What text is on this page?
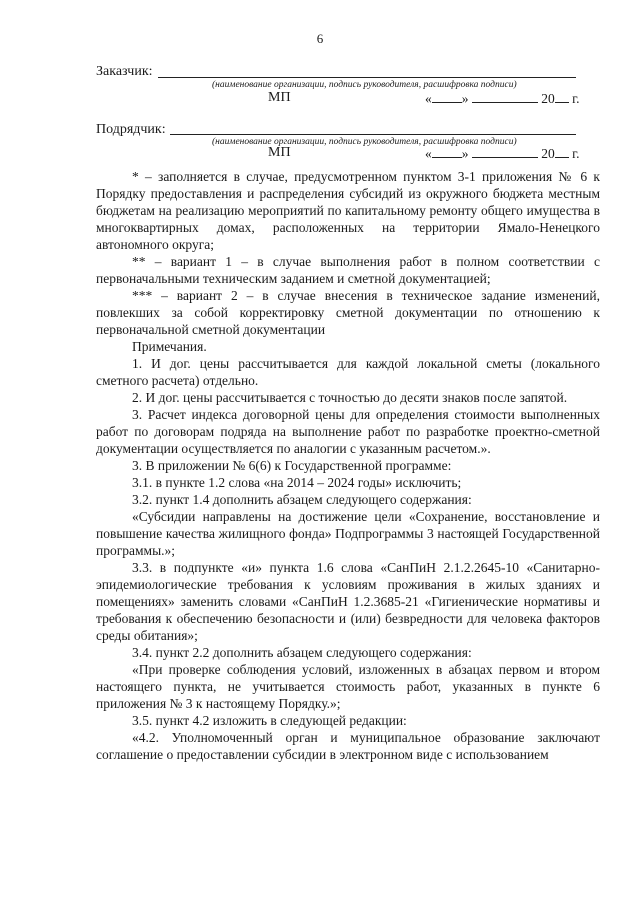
6
Заказчик:
(наименование организации, подпись руководителя, расшифровка подписи)
МП	« »	20 г.
Подрядчик:
(наименование организации, подпись руководителя, расшифровка подписи)
МП	« »	20 г.

* – заполняется в случае, предусмотренном пунктом 3-1 приложения № 6 к Порядку предоставления и распределения субсидий из окружного бюджета местным бюджетам на реализацию мероприятий по капитальному ремонту общего имущества в многоквартирных домах, расположенных на территории Ямало-Ненецкого автономного округа;

** – вариант 1 – в случае выполнения работ в полном соответствии с первоначальными техническим заданием и сметной документацией;

*** – вариант 2 – в случае внесения в техническое задание изменений, повлекших за собой корректировку сметной документации по отношению к первоначальной сметной документации

Примечания.

1. И дог. цены рассчитывается для каждой локальной сметы (локального сметного расчета) отдельно.

2. И дог. цены рассчитывается с точностью до десяти знаков после запятой.

3. Расчет индекса договорной цены для определения стоимости выполненных работ по договорам подряда на выполнение работ по разработке проектно-сметной документации осуществляется по аналогии с указанным расчетом.».

3. В приложении № 6(6) к Государственной программе:

3.1. в пункте 1.2 слова «на 2014 – 2024 годы» исключить;

3.2. пункт 1.4 дополнить абзацем следующего содержания:

«Субсидии направлены на достижение цели «Сохранение, восстановление и повышение качества жилищного фонда» Подпрограммы 3 настоящей Государственной программы.»;

3.3. в подпункте «и» пункта 1.6 слова «СанПиН 2.1.2.2645-10 «Санитарно-эпидемиологические требования к условиям проживания в жилых зданиях и помещениях» заменить словами «СанПиН 1.2.3685-21 «Гигиенические нормативы и требования к обеспечению безопасности и (или) безвредности для человека факторов среды обитания»;

3.4. пункт 2.2 дополнить абзацем следующего содержания:

«При проверке соблюдения условий, изложенных в абзацах первом и втором настоящего пункта, не учитывается стоимость работ, указанных в пункте 6 приложения № 3 к настоящему Порядку.»;

3.5. пункт 4.2 изложить в следующей редакции:

«4.2. Уполномоченный орган и муниципальное образование заключают соглашение о предоставлении субсидии в электронном виде с использованием
